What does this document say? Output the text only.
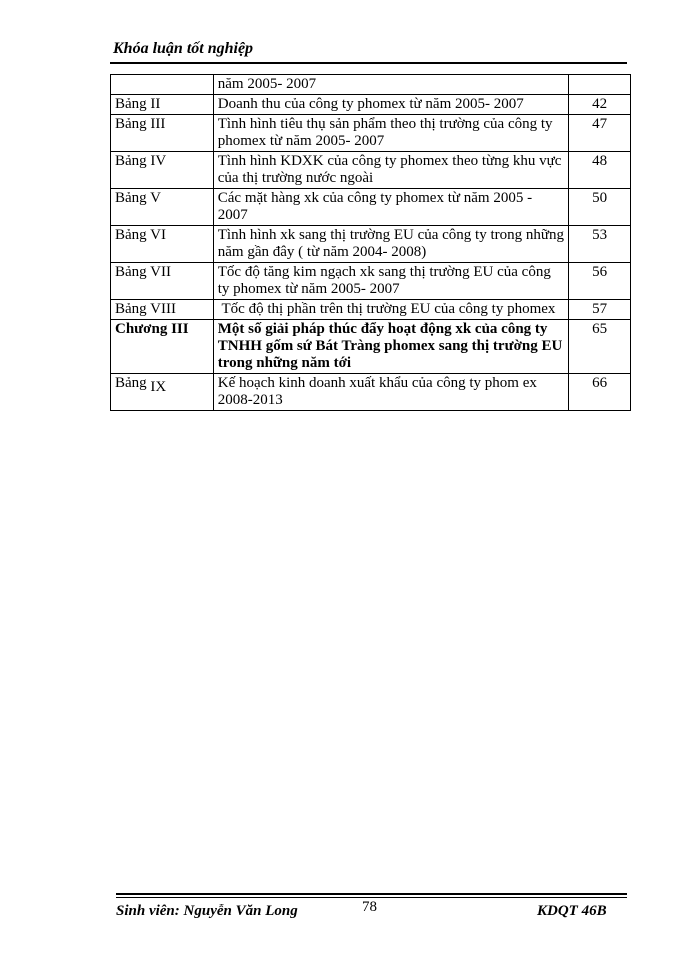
Khóa luận tốt nghiệp
	năm 2005- 2007	
Bảng II	Doanh thu của công ty phomex từ năm 2005- 2007	42
Bảng III	Tình hình tiêu thụ sản phẩm theo thị trường của công ty phomex từ năm 2005- 2007	47
Bảng IV	Tình hình KDXK của công ty phomex theo từng khu vực của thị trường nước ngoài	48
Bảng V	Các mặt hàng xk của công ty phomex từ năm 2005 - 2007	50
Bảng VI	Tình hình xk sang thị trường EU của công ty trong những năm gần đây ( từ năm 2004- 2008)	53
Bảng VII	Tốc độ tăng kim ngạch xk sang thị trường EU của công ty phomex từ năm 2005- 2007	56
Bảng VIII	Tốc độ thị phần trên thị trường EU của công ty phomex	57
Chương III	Một số giải pháp thúc đẩy hoạt động xk của công ty TNHH gốm sứ Bát Tràng phomex sang thị trường EU trong những năm tới	65
Bảng IX	Kế hoạch kinh doanh xuất khẩu của công ty phom ex 2008-2013	66
Sinh viên: Nguyễn Văn Long	78	KDQT 46B
